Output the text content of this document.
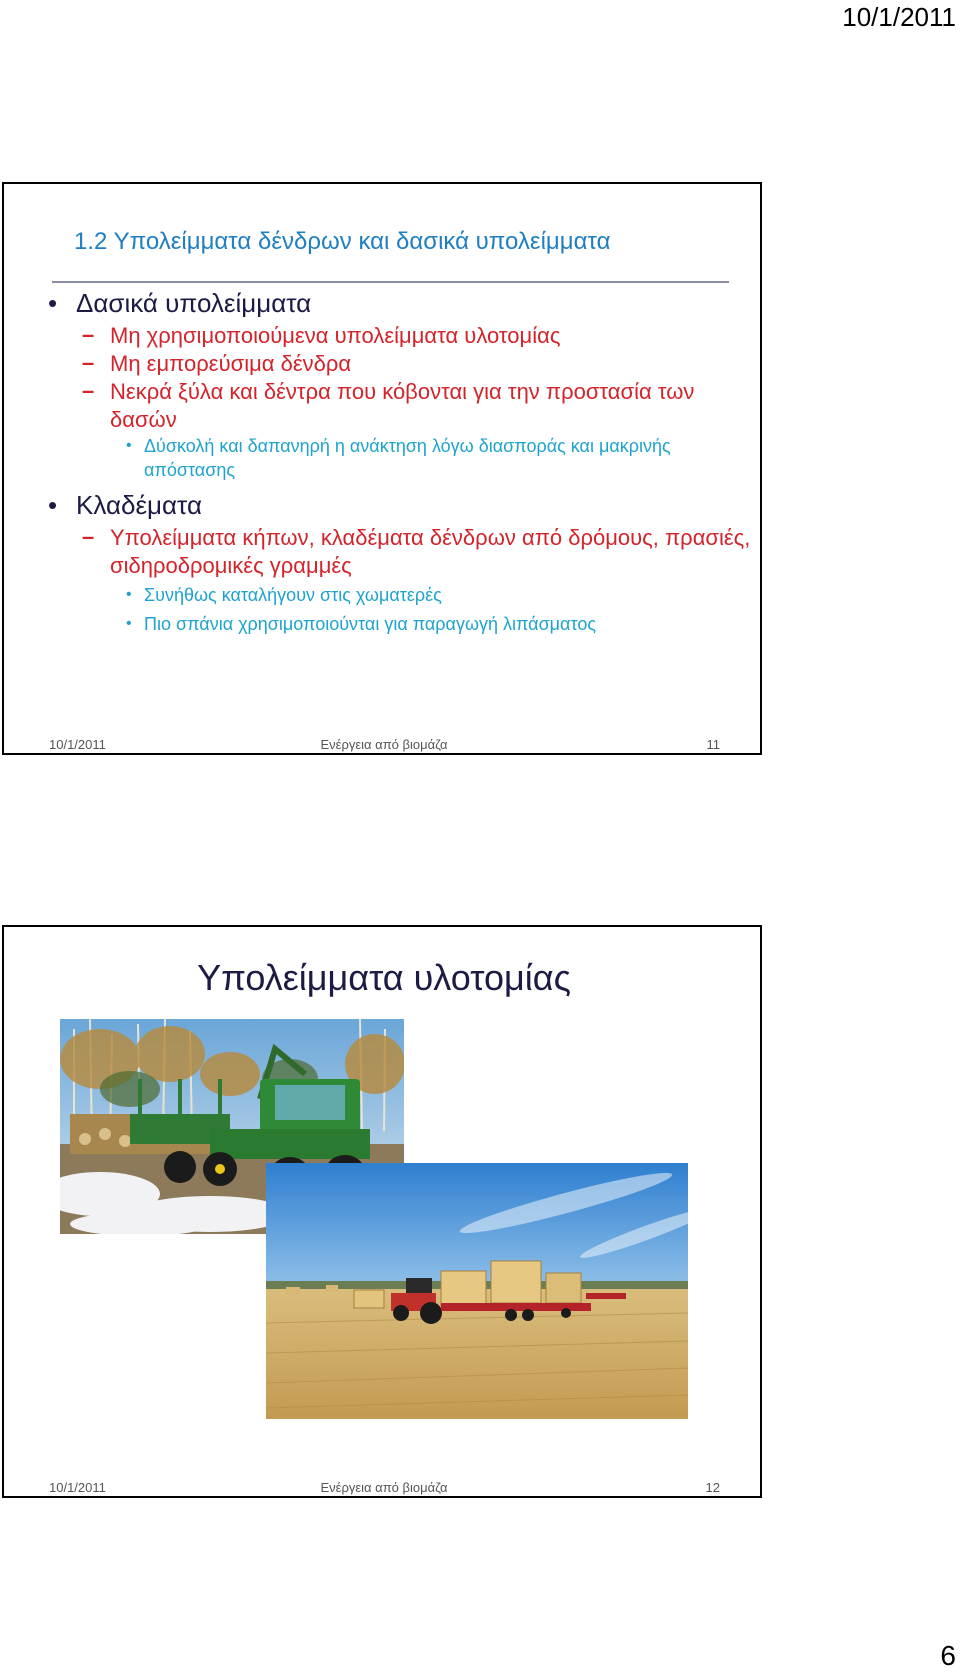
10/1/2011
1.2 Υπολείμματα δένδρων και δασικά υπολείμματα
• Δασικά υπολείμματα
– Μη χρησιμοποιούμενα υπολείμματα υλοτομίας
– Μη εμπορεύσιμα δένδρα
– Νεκρά ξύλα και δέντρα που κόβονται για την προστασία των δασών
• Δύσκολή και δαπανηρή η ανάκτηση λόγω διασποράς και μακρινής απόστασης
• Κλαδέματα
– Υπολείμματα κήπων, κλαδέματα δένδρων από δρόμους, πρασιές, σιδηροδρομικές γραμμές
• Συνήθως καταλήγουν στις χωματερές
• Πιο σπάνια χρησιμοποιούνται για παραγωγή λιπάσματος
10/1/2011	Ενέργεια από βιομάζα	11
Υπολείμματα υλοτομίας
10/1/2011	Ενέργεια από βιομάζα	12
6
